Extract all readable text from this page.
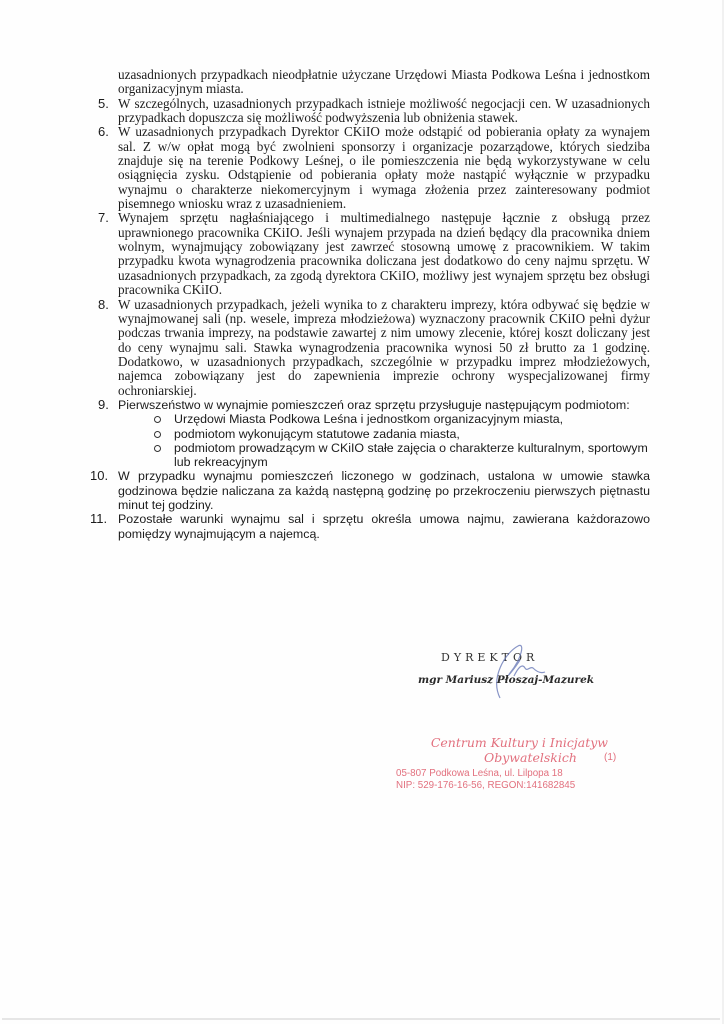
uzasadnionych przypadkach nieodpłatnie użyczane Urzędowi Miasta Podkowa Leśna i jednostkom organizacyjnym miasta.
5. W szczególnych, uzasadnionych przypadkach istnieje możliwość negocjacji cen. W uzasadnionych przypadkach dopuszcza się możliwość podwyższenia lub obniżenia stawek.
6. W uzasadnionych przypadkach Dyrektor CKiIO może odstąpić od pobierania opłaty za wynajem sal. Z w/w opłat mogą być zwolnieni sponsorzy i organizacje pozarządowe, których siedziba znajduje się na terenie Podkowy Leśnej, o ile pomieszczenia nie będą wykorzystywane w celu osiągnięcia zysku. Odstąpienie od pobierania opłaty może nastąpić wyłącznie w przypadku wynajmu o charakterze niekomercyjnym i wymaga złożenia przez zainteresowany podmiot pisemnego wniosku wraz z uzasadnieniem.
7. Wynajem sprzętu nagłaśniającego i multimedialnego następuje łącznie z obsługą przez uprawnionego pracownika CKiIO. Jeśli wynajem przypada na dzień będący dla pracownika dniem wolnym, wynajmujący zobowiązany jest zawrzeć stosowną umowę z pracownikiem. W takim przypadku kwota wynagrodzenia pracownika doliczana jest dodatkowo do ceny najmu sprzętu. W uzasadnionych przypadkach, za zgodą dyrektora CKiIO, możliwy jest wynajem sprzętu bez obsługi pracownika CKiIO.
8. W uzasadnionych przypadkach, jeżeli wynika to z charakteru imprezy, która odbywać się będzie w wynajmowanej sali (np. wesele, impreza młodzieżowa) wyznaczony pracownik CKiIO pełni dyżur podczas trwania imprezy, na podstawie zawartej z nim umowy zlecenie, której koszt doliczany jest do ceny wynajmu sali. Stawka wynagrodzenia pracownika wynosi 50 zł brutto za 1 godzinę. Dodatkowo, w uzasadnionych przypadkach, szczególnie w przypadku imprez młodzieżowych, najemca zobowiązany jest do zapewnienia imprezie ochrony wyspecjalizowanej firmy ochroniarskiej.
9. Pierwszeństwo w wynajmie pomieszczeń oraz sprzętu przysługuje następującym podmiotom:
Urzędowi Miasta Podkowa Leśna i jednostkom organizacyjnym miasta,
podmiotom wykonującym statutowe zadania miasta,
podmiotom prowadzącym w CKiIO stałe zajęcia o charakterze kulturalnym, sportowym lub rekreacyjnym
10. W przypadku wynajmu pomieszczeń liczonego w godzinach, ustalona w umowie stawka godzinowa będzie naliczana za każdą następną godzinę po przekroczeniu pierwszych piętnastu minut tej godziny.
11. Pozostałe warunki wynajmu sal i sprzętu określa umowa najmu, zawierana każdorazowo pomiędzy wynajmującym a najemcą.
DYREKTOR
mgr Mariusz Płoszaj-Mazurek
Centrum Kultury i Inicjatyw
Obywatelskich	(1)
05-807 Podkowa Leśna, ul. Lilpopa 18
NIP: 529-176-16-56, REGON:141682845
